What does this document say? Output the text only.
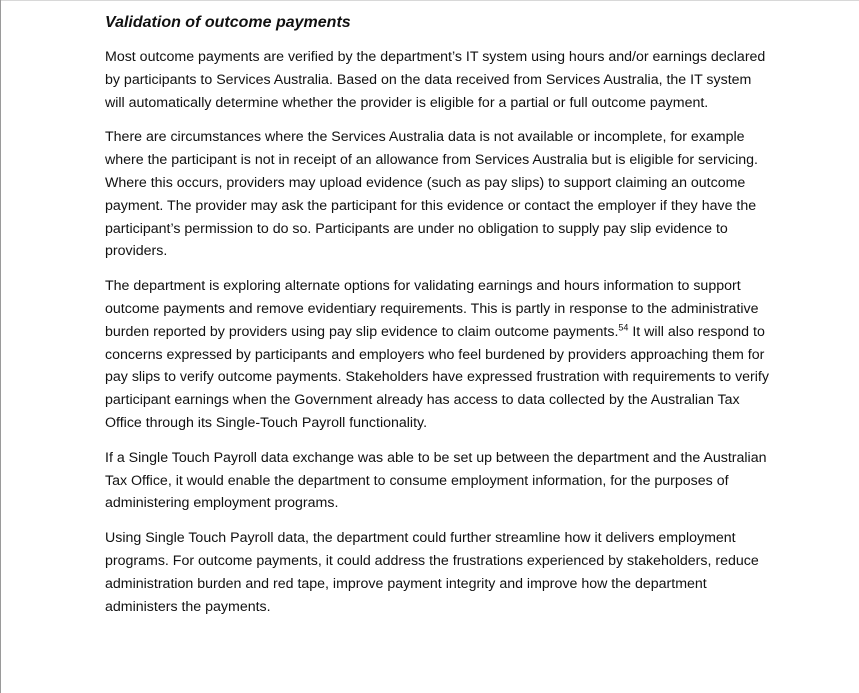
Validation of outcome payments

Most outcome payments are verified by the department’s IT system using hours and/or earnings declared by participants to Services Australia. Based on the data received from Services Australia, the IT system will automatically determine whether the provider is eligible for a partial or full outcome payment.

There are circumstances where the Services Australia data is not available or incomplete, for example where the participant is not in receipt of an allowance from Services Australia but is eligible for servicing. Where this occurs, providers may upload evidence (such as pay slips) to support claiming an outcome payment. The provider may ask the participant for this evidence or contact the employer if they have the participant’s permission to do so. Participants are under no obligation to supply pay slip evidence to providers.

The department is exploring alternate options for validating earnings and hours information to support outcome payments and remove evidentiary requirements. This is partly in response to the administrative burden reported by providers using pay slip evidence to claim outcome payments.$^{54}$ It will also respond to concerns expressed by participants and employers who feel burdened by providers approaching them for pay slips to verify outcome payments. Stakeholders have expressed frustration with requirements to verify participant earnings when the Government already has access to data collected by the Australian Tax Office through its Single-Touch Payroll functionality.

If a Single Touch Payroll data exchange was able to be set up between the department and the Australian Tax Office, it would enable the department to consume employment information, for the purposes of administering employment programs.

Using Single Touch Payroll data, the department could further streamline how it delivers employment programs. For outcome payments, it could address the frustrations experienced by stakeholders, reduce administration burden and red tape, improve payment integrity and improve how the department administers the payments.
